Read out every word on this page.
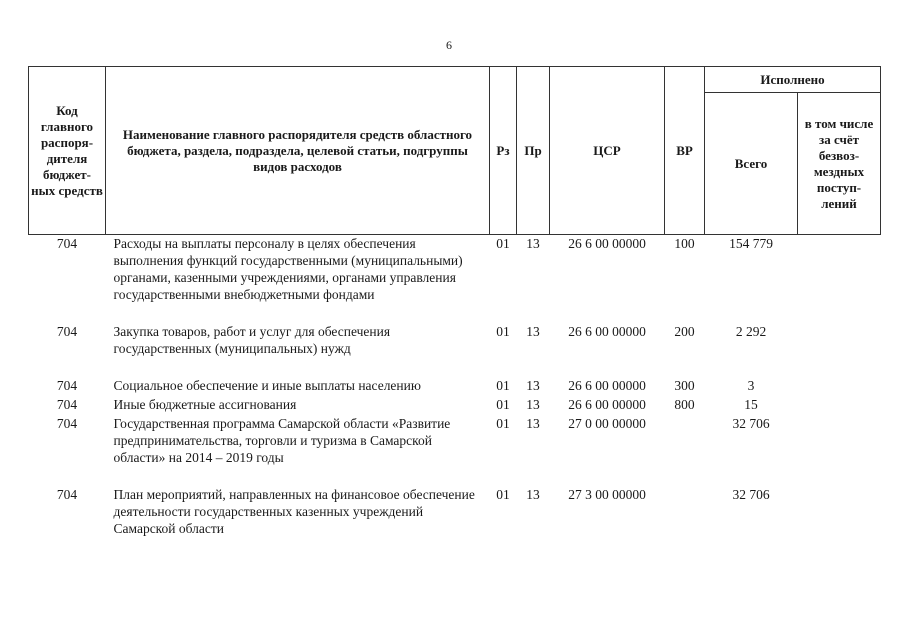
6
Код главного распоря-дителя бюджет-ных средств	Наименование главного распорядителя средств областного бюджета, раздела, подраздела, целевой статьи, подгруппы видов расходов	Рз	Пр	ЦСР	ВР	Исполнено	
						Всего	в том числе за счёт безвоз-мездных поступ-лений
704	Расходы на выплаты персоналу в целях обеспечения выполнения функций государственными (муниципальными) органами, казенными учреждениями, органами управления государственными внебюджетными фондами	01	13	26 6 00 00000	100	154 779	
704	Закупка товаров, работ и услуг для обеспечения государственных (муниципальных) нужд	01	13	26 6 00 00000	200	2 292	
704	Социальное обеспечение и иные выплаты населению	01	13	26 6 00 00000	300	3	
704	Иные бюджетные ассигнования	01	13	26 6 00 00000	800	15	
704	Государственная программа Самарской области «Развитие предпринимательства, торговли и туризма в Самарской области» на 2014 – 2019 годы	01	13	27 0 00 00000		32 706	
704	План мероприятий, направленных на финансовое обеспечение деятельности государственных казенных учреждений Самарской области	01	13	27 3 00 00000		32 706	
